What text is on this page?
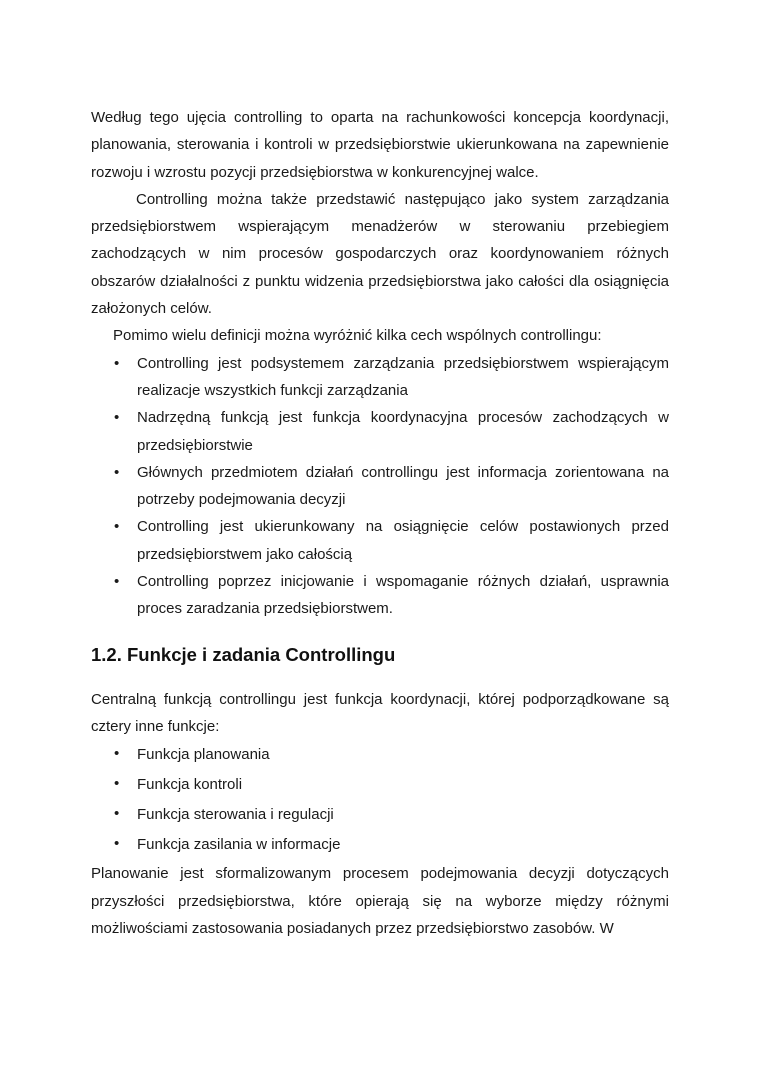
Według tego ujęcia controlling to oparta na rachunkowości koncepcja koordynacji, planowania, sterowania i kontroli w przedsiębiorstwie ukierunkowana na zapewnienie rozwoju i wzrostu pozycji przedsiębiorstwa w konkurencyjnej walce.

Controlling można także przedstawić następująco jako system zarządzania przedsiębiorstwem wspierającym menadżerów w sterowaniu przebiegiem zachodzących w nim procesów gospodarczych oraz koordynowaniem różnych obszarów działalności z punktu widzenia przedsiębiorstwa jako całości dla osiągnięcia założonych celów.

Pomimo wielu definicji można wyróżnić kilka cech wspólnych controllingu:

• Controlling jest podsystemem zarządzania przedsiębiorstwem wspierającym realizacje wszystkich funkcji zarządzania
• Nadrzędną funkcją jest funkcja koordynacyjna procesów zachodzących w przedsiębiorstwie
• Głównych przedmiotem działań controllingu jest informacja zorientowana na potrzeby podejmowania decyzji
• Controlling jest ukierunkowany na osiągnięcie celów postawionych przed przedsiębiorstwem jako całością
• Controlling poprzez inicjowanie i wspomaganie różnych działań, usprawnia proces zaradzania przedsiębiorstwem.
1.2. Funkcje i zadania Controllingu

Centralną funkcją controllingu jest funkcja koordynacji, której podporządkowane są cztery inne funkcje:

• Funkcja planowania
• Funkcja kontroli
• Funkcja sterowania i regulacji
• Funkcja zasilania w informacje

Planowanie jest sformalizowanym procesem podejmowania decyzji dotyczących przyszłości przedsiębiorstwa, które opierają się na wyborze między różnymi możliwościami zastosowania posiadanych przez przedsiębiorstwo zasobów. W
